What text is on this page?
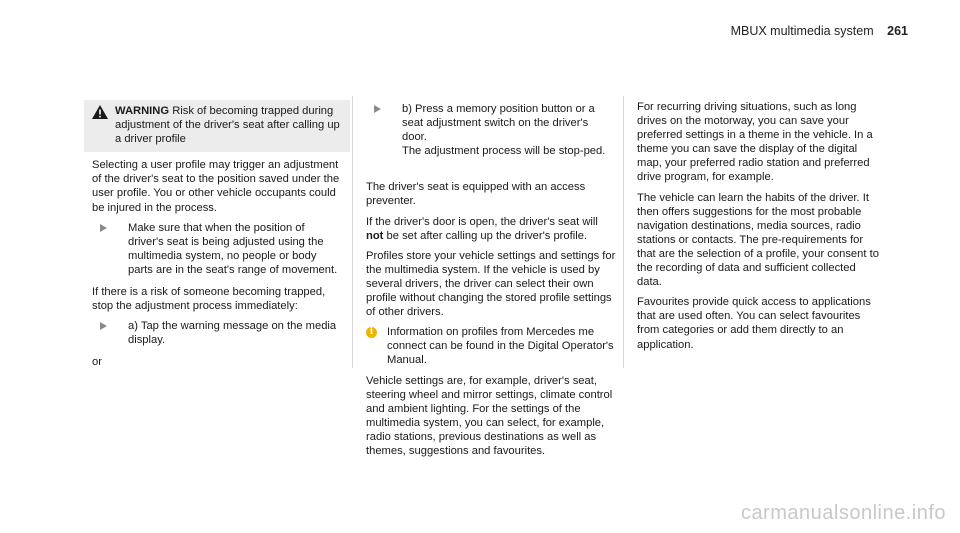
MBUX multimedia system 261
WARNING Risk of becoming trapped during adjustment of the driver's seat after calling up a driver profile

Selecting a user profile may trigger an adjustment of the driver's seat to the position saved under the user profile. You or other vehicle occupants could be injured in the process.

Make sure that when the position of driver's seat is being adjusted using the multimedia system, no people or body parts are in the seat's range of movement.

If there is a risk of someone becoming trapped, stop the adjustment process immediately:

a) Tap the warning message on the media display.

or

b) Press a memory position button or a seat adjustment switch on the driver's door.
The adjustment process will be stop-ped.

The driver's seat is equipped with an access preventer.

If the driver's door is open, the driver's seat will not be set after calling up the driver's profile.

Profiles store your vehicle settings and settings for the multimedia system. If the vehicle is used by several drivers, the driver can select their own profile without changing the stored profile settings of other drivers.

i	Information on profiles from Mercedes me connect can be found in the Digital Operator's Manual.

Vehicle settings are, for example, driver's seat, steering wheel and mirror settings, climate control and ambient lighting. For the settings of the multimedia system, you can select, for example, radio stations, previous destinations as well as themes, suggestions and favourites.

For recurring driving situations, such as long drives on the motorway, you can save your preferred settings in a theme in the vehicle. In a theme you can save the display of the digital map, your preferred radio station and preferred drive program, for example.

The vehicle can learn the habits of the driver. It then offers suggestions for the most probable navigation destinations, media sources, radio stations or contacts. The pre-requirements for that are the selection of a profile, your consent to the recording of data and sufficient collected data.

Favourites provide quick access to applications that are used often. You can select favourites from categories or add them directly to an application.

carmanualsonline.info
